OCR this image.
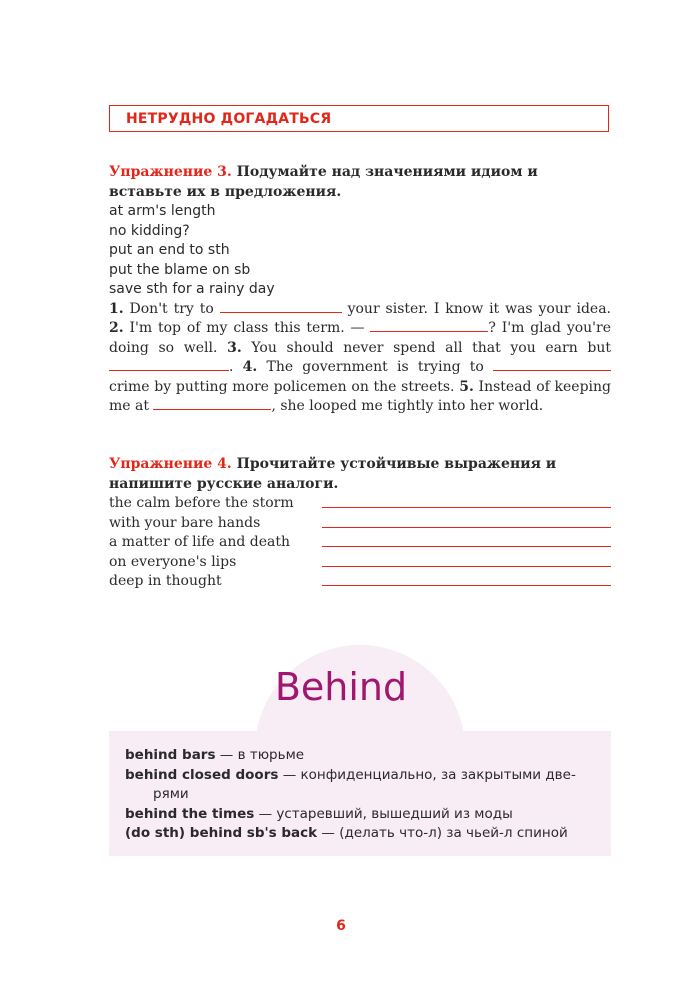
НЕТРУДНО ДОГАДАТЬСЯ
Упражнение 3. Подумайте над значениями идиом и вставьте их в предложения.
at arm's length
no kidding?
put an end to sth
put the blame on sb
save sth for a rainy day
1. Don't try to	your sister. I know it was your idea. 2. I'm top of my class this term. —	? I'm glad you're doing so well. 3. You should never spend all that you earn but . 4. The government is trying to  crime by putting more policemen on the streets. 5. Instead of keeping me at	, she looped me tightly into her world.
Упражнение 4. Прочитайте устойчивые выражения и напишите русские аналоги.
the calm before the storm
with your bare hands
a matter of life and death
on everyone's lips
deep in thought
Behind
behind bars — в тюрьме
behind closed doors — конфиденциально, за закрытыми две-
рями
behind the times — устаревший, вышедший из моды
(do sth) behind sb's back — (делать что-л) за чьей-л спиной
6
